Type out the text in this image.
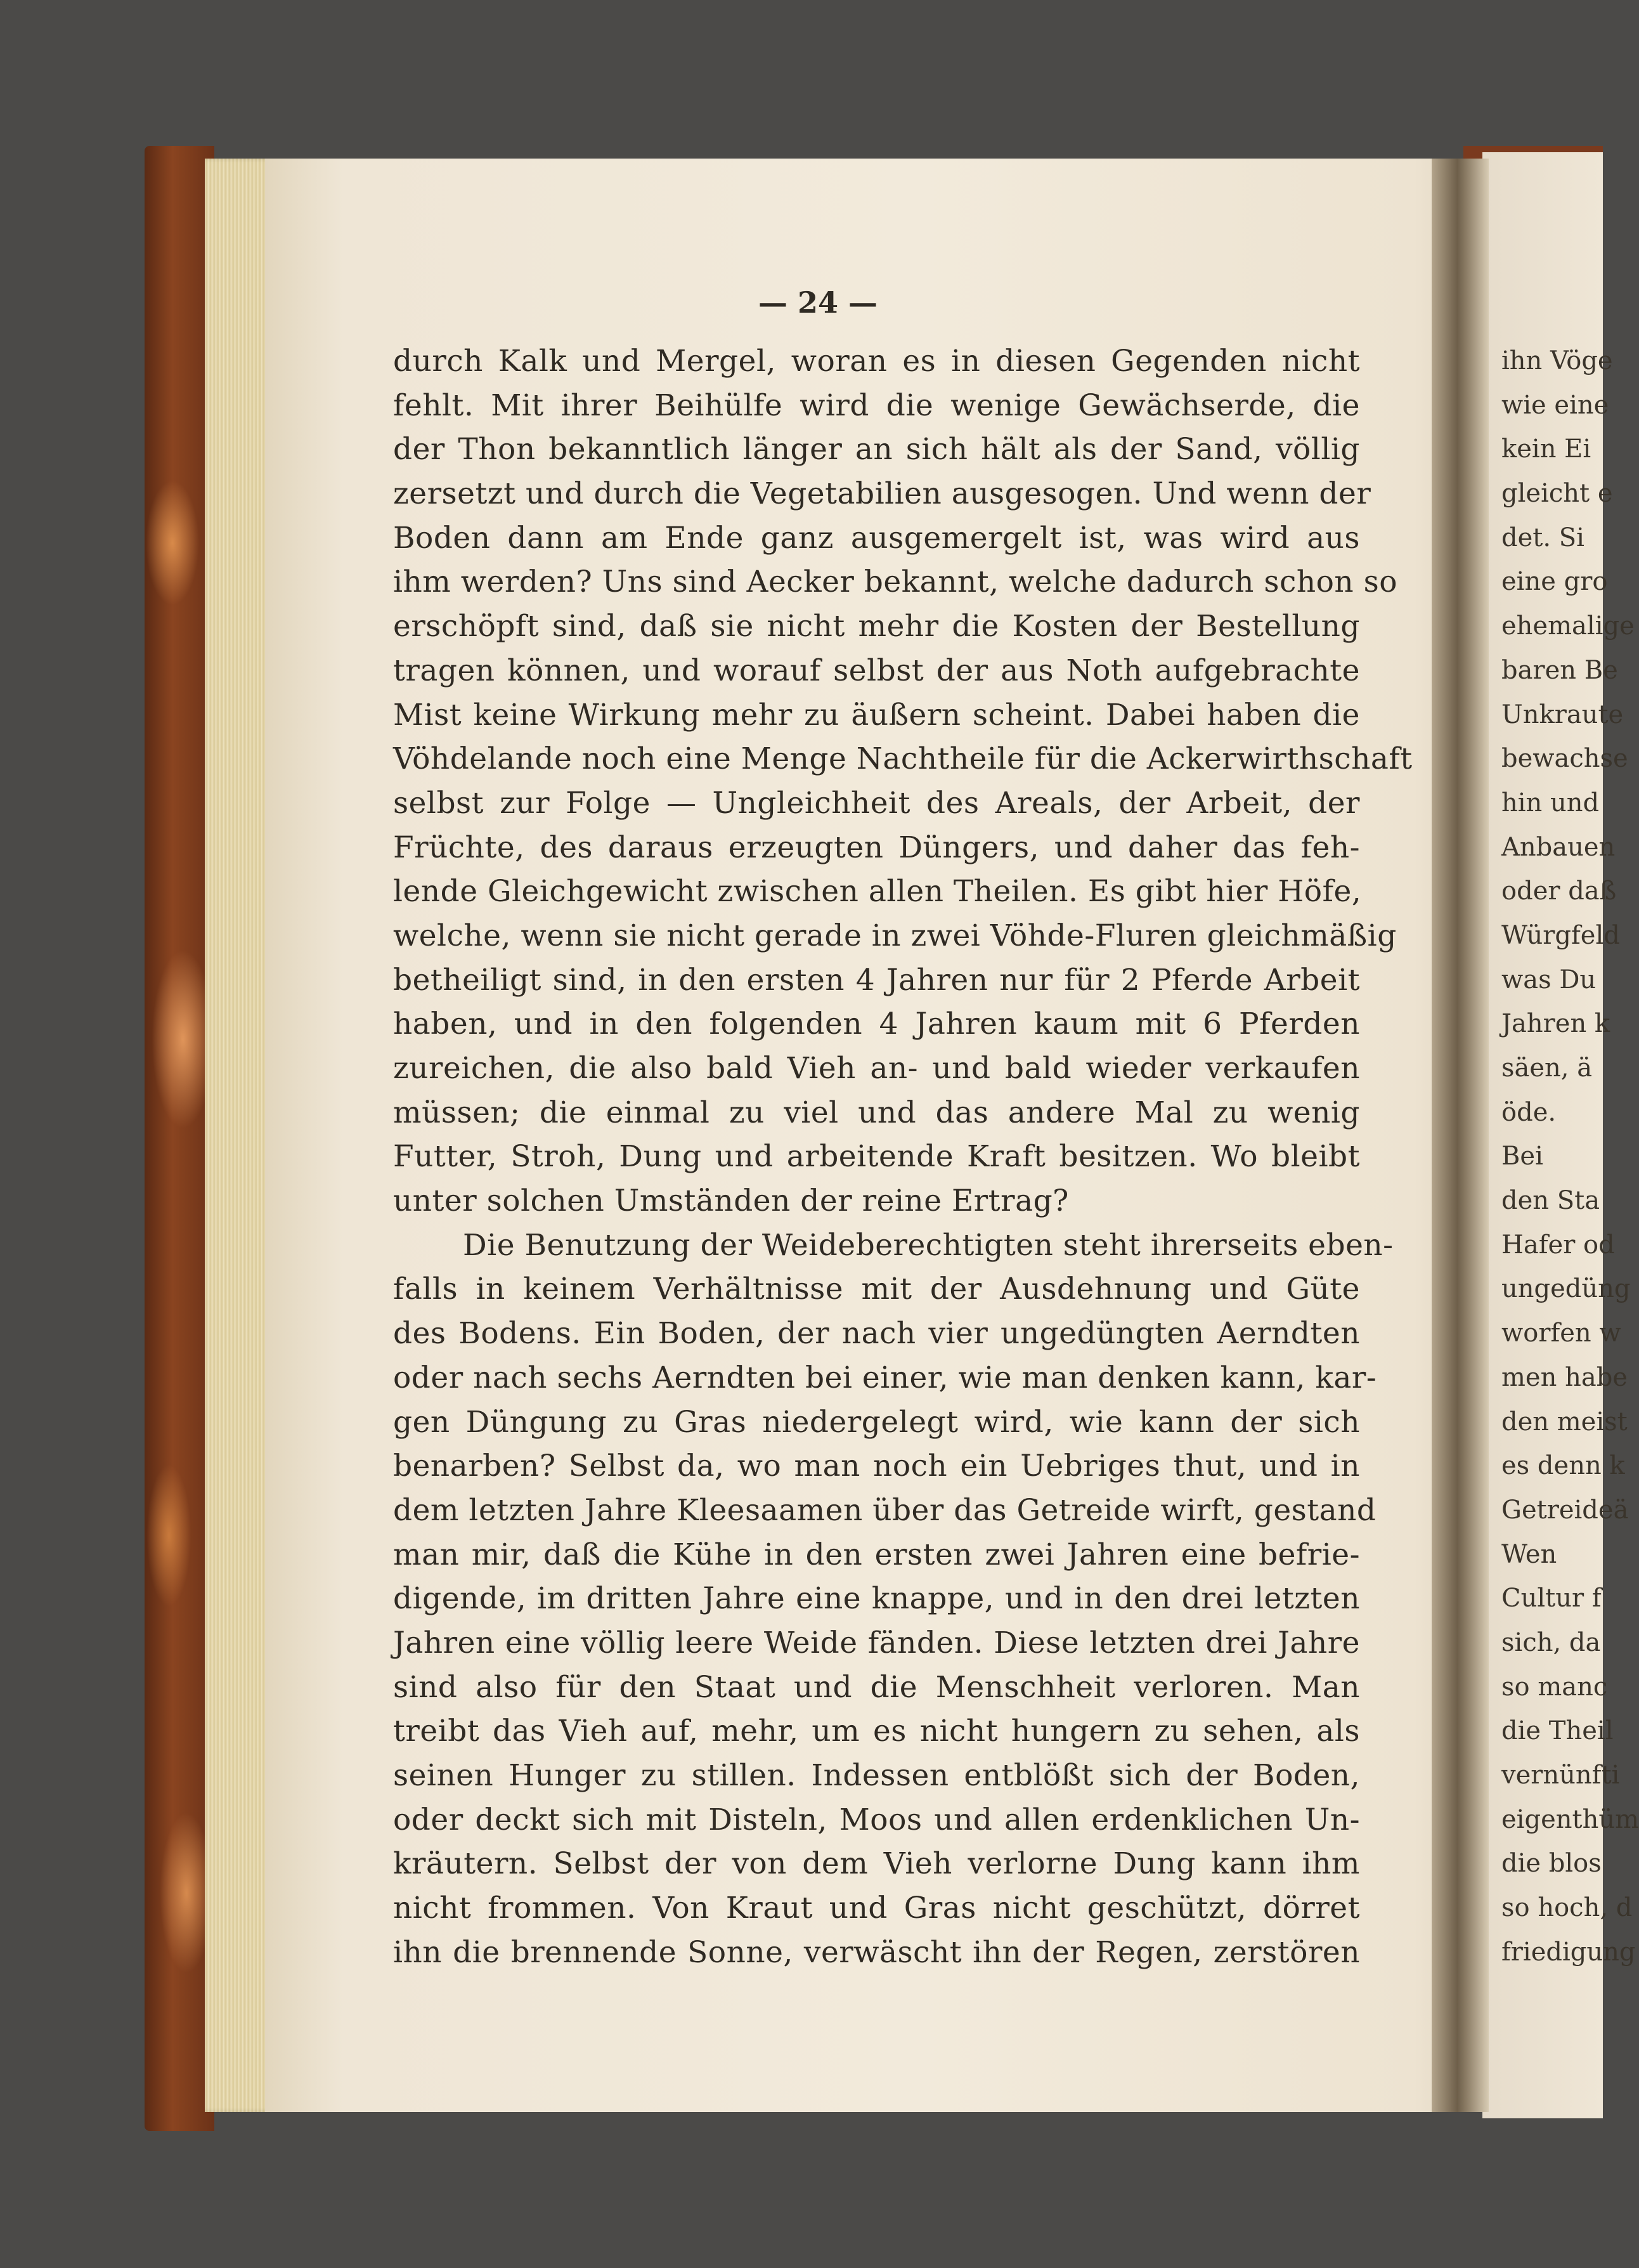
— 24 —
durch Kalk und Mergel, woran es in diesen Gegenden nicht
fehlt. Mit ihrer Beihülfe wird die wenige Gewächserde, die
der Thon bekanntlich länger an sich hält als der Sand, völlig
zersetzt und durch die Vegetabilien ausgesogen. Und wenn der
Boden dann am Ende ganz ausgemergelt ist, was wird aus
ihm werden? Uns sind Aecker bekannt, welche dadurch schon so
erschöpft sind, daß sie nicht mehr die Kosten der Bestellung
tragen können, und worauf selbst der aus Noth aufgebrachte
Mist keine Wirkung mehr zu äußern scheint. Dabei haben die
Vöhdelande noch eine Menge Nachtheile für die Ackerwirthschaft
selbst zur Folge — Ungleichheit des Areals, der Arbeit, der
Früchte, des daraus erzeugten Düngers, und daher das feh-
lende Gleichgewicht zwischen allen Theilen. Es gibt hier Höfe,
welche, wenn sie nicht gerade in zwei Vöhde-Fluren gleichmäßig
betheiligt sind, in den ersten 4 Jahren nur für 2 Pferde Arbeit
haben, und in den folgenden 4 Jahren kaum mit 6 Pferden
zureichen, die also bald Vieh an- und bald wieder verkaufen
müssen; die einmal zu viel und das andere Mal zu wenig
Futter, Stroh, Dung und arbeitende Kraft besitzen. Wo bleibt
unter solchen Umständen der reine Ertrag?
Die Benutzung der Weideberechtigten steht ihrerseits eben-
falls in keinem Verhältnisse mit der Ausdehnung und Güte
des Bodens. Ein Boden, der nach vier ungedüngten Aerndten
oder nach sechs Aerndten bei einer, wie man denken kann, kar-
gen Düngung zu Gras niedergelegt wird, wie kann der sich
benarben? Selbst da, wo man noch ein Uebriges thut, und in
dem letzten Jahre Kleesaamen über das Getreide wirft, gestand
man mir, daß die Kühe in den ersten zwei Jahren eine befrie-
digende, im dritten Jahre eine knappe, und in den drei letzten
Jahren eine völlig leere Weide fänden. Diese letzten drei Jahre
sind also für den Staat und die Menschheit verloren. Man
treibt das Vieh auf, mehr, um es nicht hungern zu sehen, als
seinen Hunger zu stillen. Indessen entblößt sich der Boden,
oder deckt sich mit Disteln, Moos und allen erdenklichen Un-
kräutern. Selbst der von dem Vieh verlorne Dung kann ihm
nicht frommen. Von Kraut und Gras nicht geschützt, dörret
ihn die brennende Sonne, verwäscht ihn der Regen, zerstören
ihn Vöge
wie eine
kein Ei
gleicht e
det. Si
eine gro
ehemalige
baren Be
Unkraute
bewachse
hin und
Anbauen
oder daß
Würgfeld
was Du
Jahren k
säen, ä
öde.
Bei
den Sta
Hafer od
ungedüng
worfen w
men habe
den meist
es denn k
Getreideä
Wen
Cultur f
sich, da
so manc
die Theil
vernünfti
eigenthüm
die blos
so hoch, d
friedigung
